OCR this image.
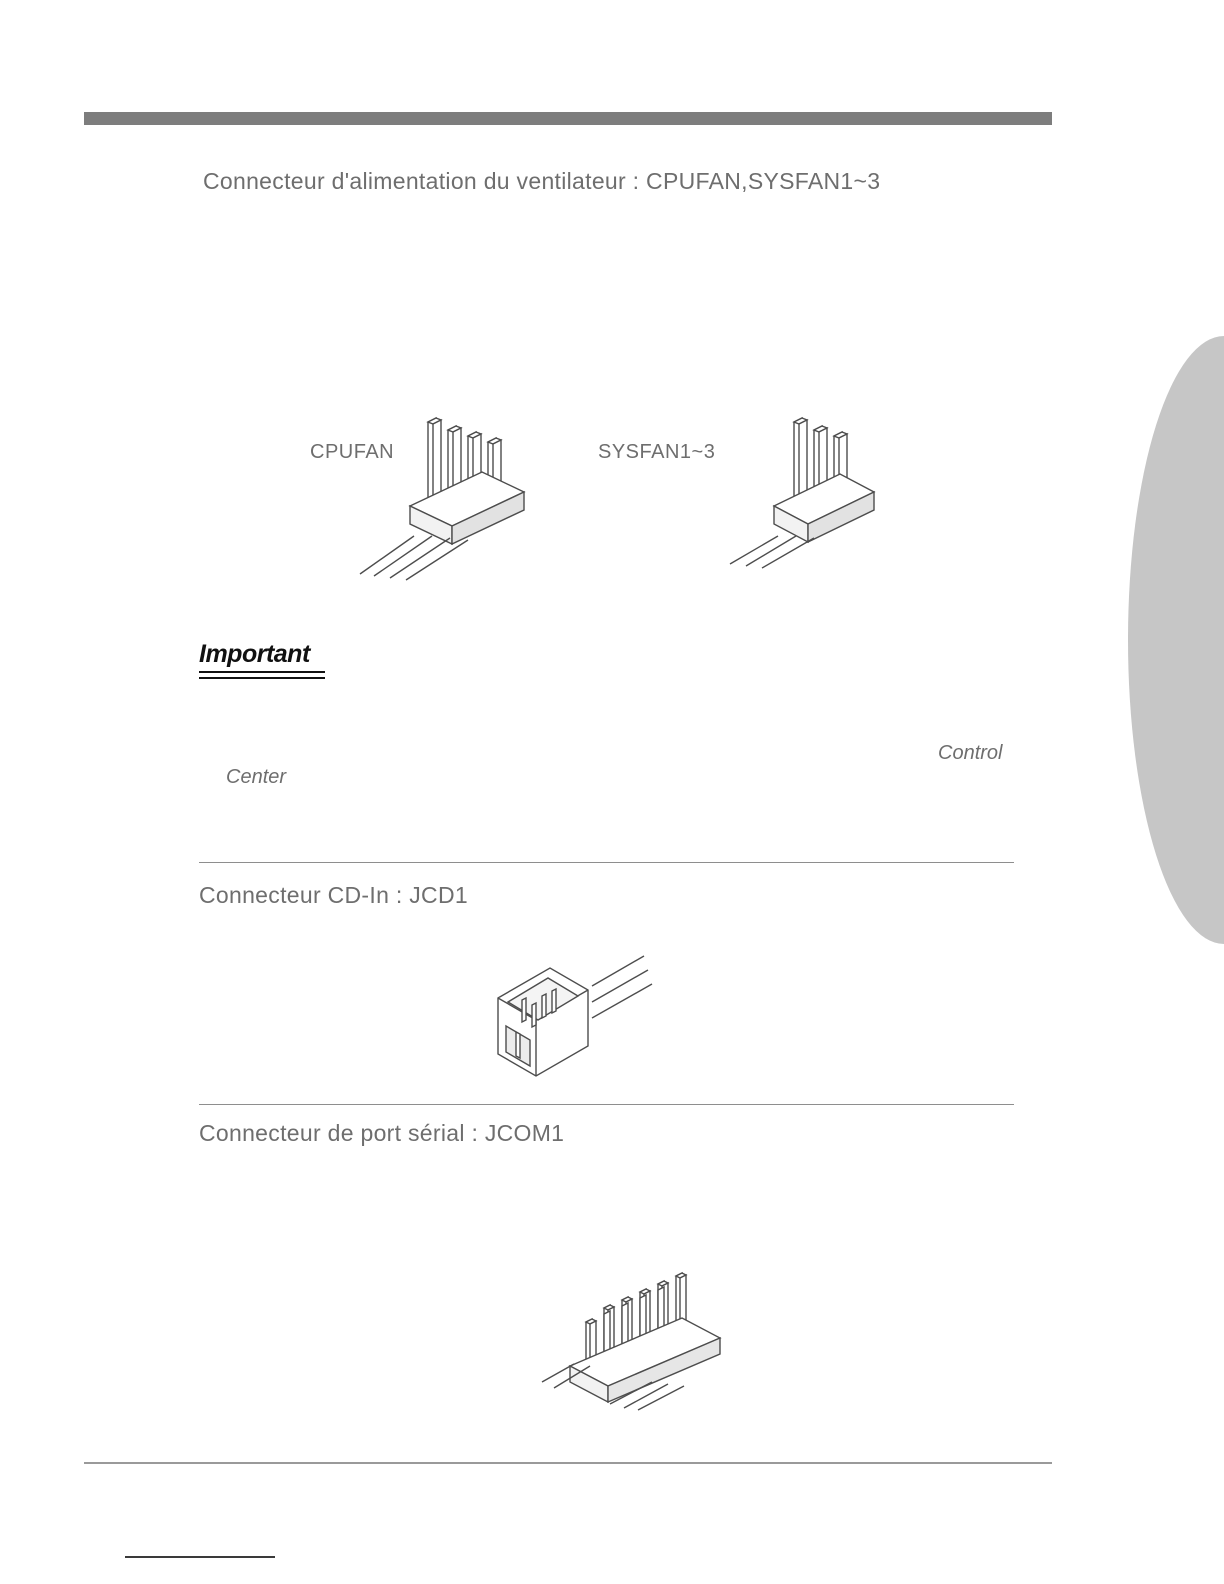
Connecteur d'alimentation du ventilateur : CPUFAN,SYSFAN1~3
CPUFAN	SYSFAN1~3
Important
Control
Center
Connecteur CD-In : JCD1
Connecteur de port sérial : JCOM1
